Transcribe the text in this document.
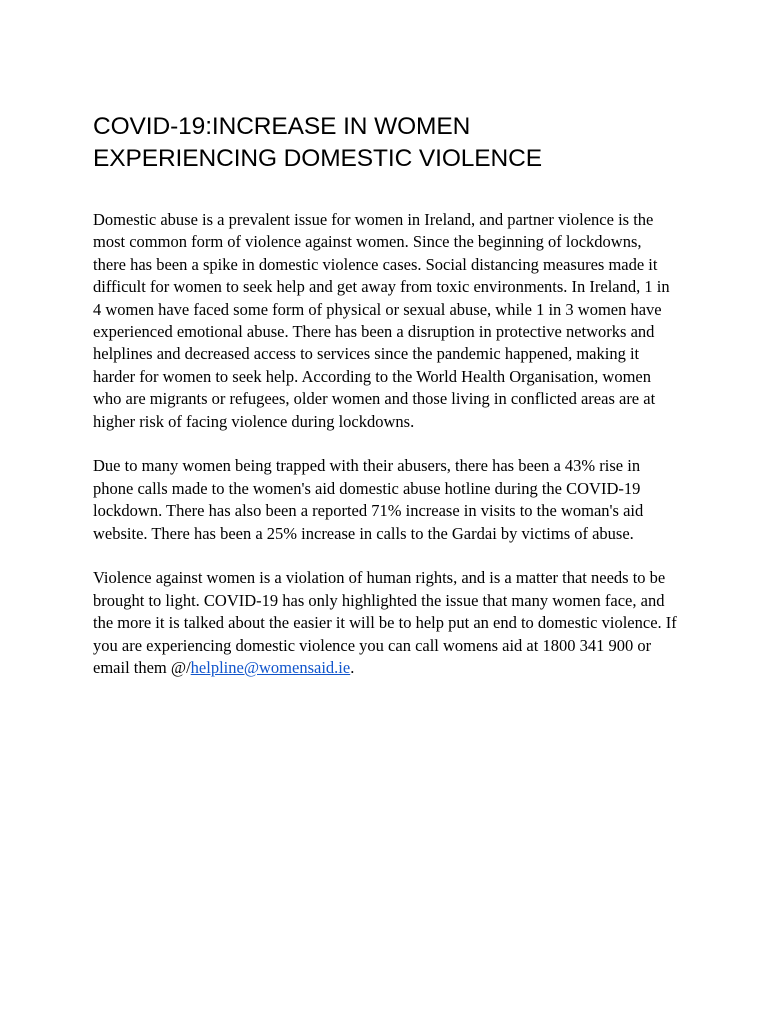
COVID-19:INCREASE IN WOMEN
EXPERIENCING DOMESTIC VIOLENCE

Domestic abuse is a prevalent issue for women in Ireland, and partner violence is the most common form of violence against women. Since the beginning of lockdowns, there has been a spike in domestic violence cases. Social distancing measures made it difficult for women to seek help and get away from toxic environments. In Ireland, 1 in 4 women have faced some form of physical or sexual abuse, while 1 in 3 women have experienced emotional abuse. There has been a disruption in protective networks and helplines and decreased access to services since the pandemic happened, making it harder for women to seek help. According to the World Health Organisation, women who are migrants or refugees, older women and those living in conflicted areas are at higher risk of facing violence during lockdowns.

Due to many women being trapped with their abusers, there has been a 43% rise in phone calls made to the women's aid domestic abuse hotline during the COVID-19 lockdown. There has also been a reported 71% increase in visits to the woman's aid website. There has been a 25% increase in calls to the Gardai by victims of abuse.

Violence against women is a violation of human rights, and is a matter that needs to be brought to light. COVID-19 has only highlighted the issue that many women face, and the more it is talked about the easier it will be to help put an end to domestic violence. If you are experiencing domestic violence you can call womens aid at 1800 341 900 or email them @/helpline@womensaid.ie.
